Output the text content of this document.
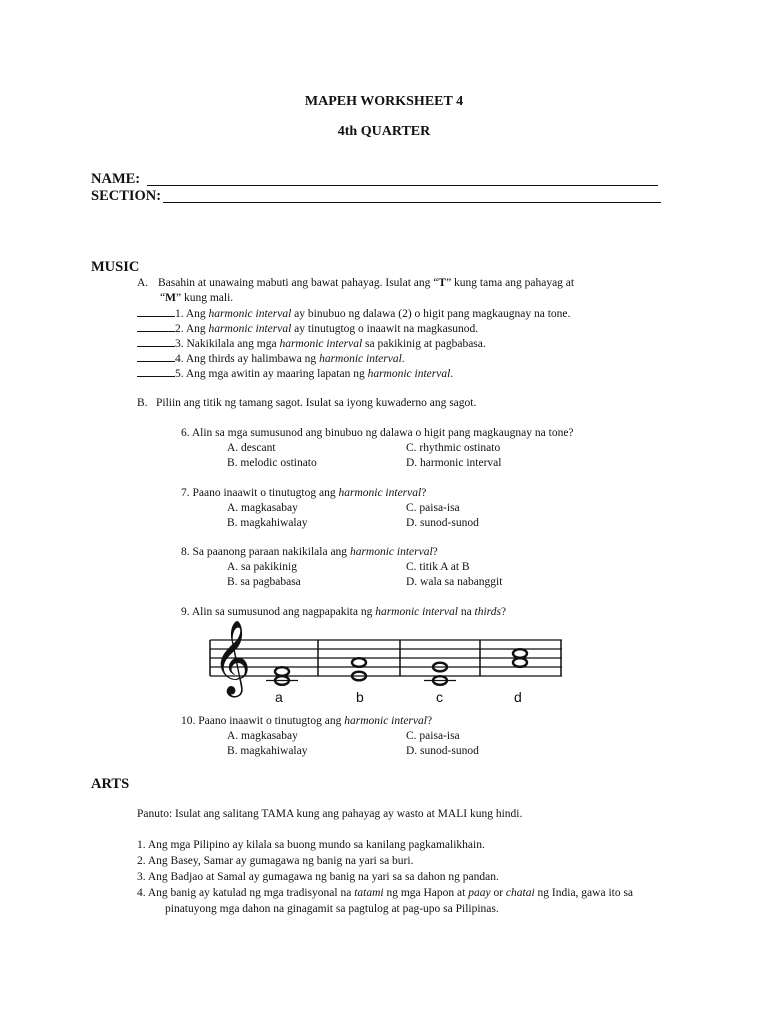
MAPEH WORKSHEET 4
4th QUARTER
NAME:
SECTION:
MUSIC
A. Basahin at unawaing mabuti ang bawat pahayag. Isulat ang “T” kung tama ang pahayag at
“M” kung mali.
1. Ang harmonic interval ay binubuo ng dalawa (2) o higit pang magkaugnay na tone.
2. Ang harmonic interval ay tinutugtog o inaawit na magkasunod.
3. Nakikilala ang mga harmonic interval sa pakikinig at pagbabasa.
4. Ang thirds ay halimbawa ng harmonic interval.
5. Ang mga awitin ay maaring lapatan ng harmonic interval.
B. Piliin ang titik ng tamang sagot. Isulat sa iyong kuwaderno ang sagot.
6. Alin sa mga sumusunod ang binubuo ng dalawa o higit pang magkaugnay na tone?
A. descant	C. rhythmic ostinato
B. melodic ostinato	D. harmonic interval
7. Paano inaawit o tinutugtog ang harmonic interval?
A. magkasabay	C. paisa-isa
B. magkahiwalay	D. sunod-sunod
8. Sa paanong paraan nakikilala ang harmonic interval?
A. sa pakikinig	C. titik A at B
B. sa pagbabasa	D. wala sa nabanggit
9. Alin sa sumusunod ang nagpapakita ng harmonic interval na thirds?
𝄞
a	b	c	d
10. Paano inaawit o tinutugtog ang harmonic interval?
A. magkasabay	C. paisa-isa
B. magkahiwalay	D. sunod-sunod
ARTS
Panuto: Isulat ang salitang TAMA kung ang pahayag ay wasto at MALI kung hindi.
1. Ang mga Pilipino ay kilala sa buong mundo sa kanilang pagkamalikhain.
2. Ang Basey, Samar ay gumagawa ng banig na yari sa buri.
3. Ang Badjao at Samal ay gumagawa ng banig na yari sa sa dahon ng pandan.
4. Ang banig ay katulad ng mga tradisyonal na tatami ng mga Hapon at paay or chatai ng India, gawa ito sa
pinatuyong mga dahon na ginagamit sa pagtulog at pag-upo sa Pilipinas.
